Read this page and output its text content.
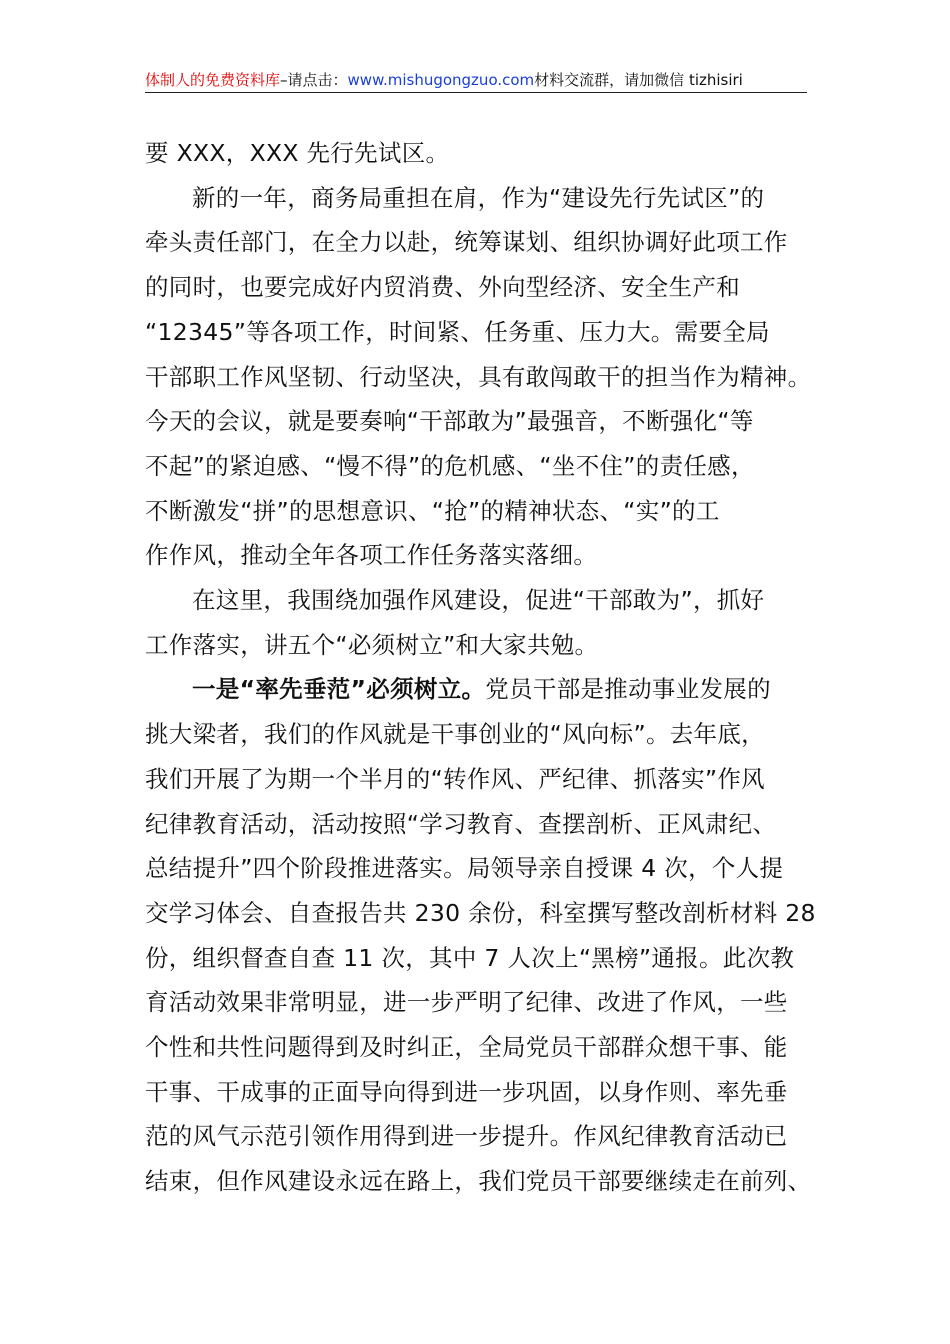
体制人的免费资料库–请点击：www.mishugongzuo.com材料交流群，请加微信 tizhisiri

要 XXX，XXX 先行先试区。

新的一年，商务局重担在肩，作为“建设先行先试区”的
牵头责任部门，在全力以赴，统筹谋划、组织协调好此项工作
的同时，也要完成好内贸消费、外向型经济、安全生产和
“12345”等各项工作，时间紧、任务重、压力大。需要全局
干部职工作风坚韧、行动坚决，具有敢闯敢干的担当作为精神。
今天的会议，就是要奏响“干部敢为”最强音，不断强化“等
不起”的紧迫感、“慢不得”的危机感、“坐不住”的责任感，
不断激发“拼”的思想意识、“抢”的精神状态、“实”的工
作作风，推动全年各项工作任务落实落细。

在这里，我围绕加强作风建设，促进“干部敢为”，抓好
工作落实，讲五个“必须树立”和大家共勉。

一是“率先垂范”必须树立。党员干部是推动事业发展的
挑大梁者，我们的作风就是干事创业的“风向标”。去年底，
我们开展了为期一个半月的“转作风、严纪律、抓落实”作风
纪律教育活动，活动按照“学习教育、查摆剖析、正风肃纪、
总结提升”四个阶段推进落实。局领导亲自授课 4 次，个人提
交学习体会、自查报告共 230 余份，科室撰写整改剖析材料 28
份，组织督查自查 11 次，其中 7 人次上“黑榜”通报。此次教
育活动效果非常明显，进一步严明了纪律、改进了作风，一些
个性和共性问题得到及时纠正，全局党员干部群众想干事、能
干事、干成事的正面导向得到进一步巩固，以身作则、率先垂
范的风气示范引领作用得到进一步提升。作风纪律教育活动已
结束，但作风建设永远在路上，我们党员干部要继续走在前列、
